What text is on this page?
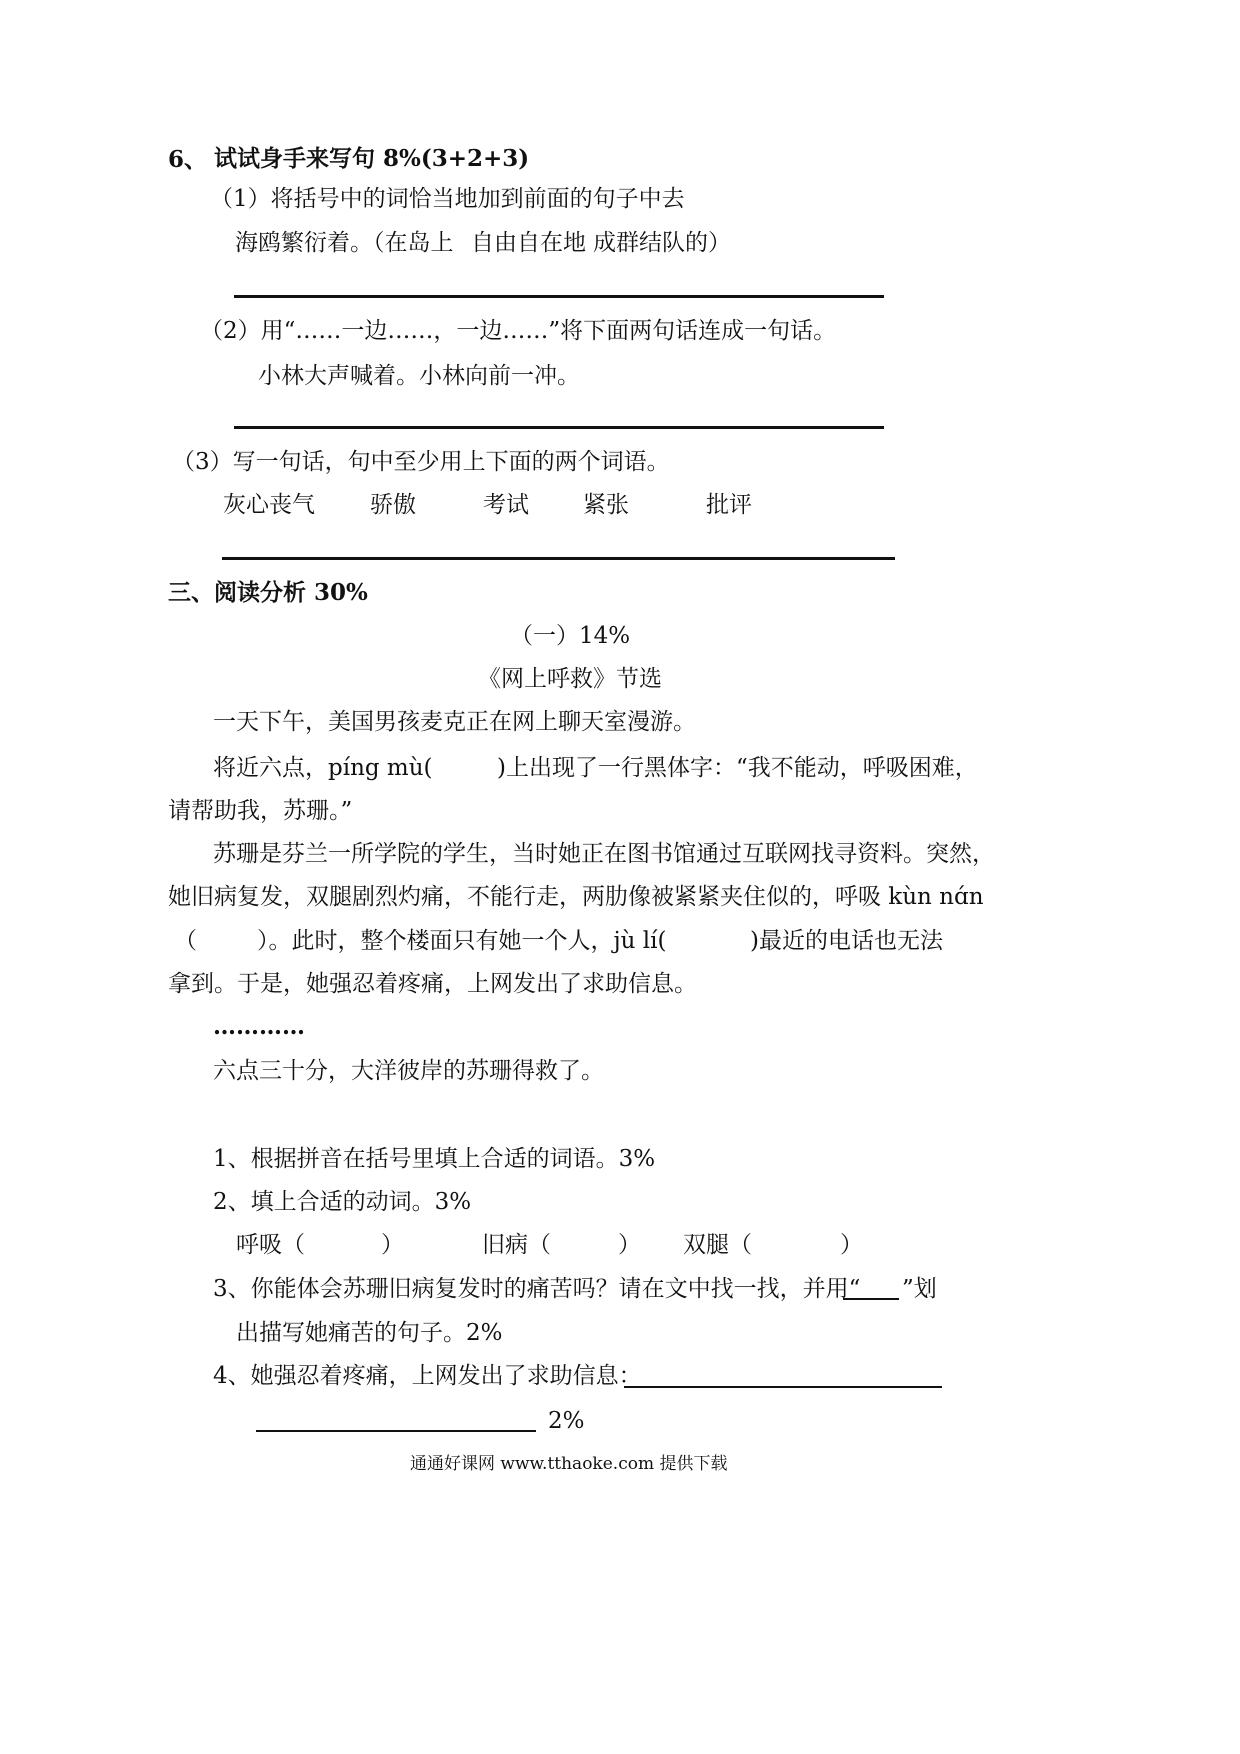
6、 试试身手来写句 8%(3+2+3)
（1）将括号中的词恰当地加到前面的句子中去
海鸥繁衍着。（在岛上 自由自在地 成群结队的 ）
（2）用“……一边……，一边……”将下面两句话连成一句话。
小林大声喊着。小林向前一冲。
（3）写一句话，句中至少用上下面的两个词语。
灰心丧气 骄傲	考试 紧张	批评
三、阅读分析 30%
（一）14%
《网上呼救》节选
一天下午，美国男孩麦克正在网上聊天室漫游。
将近六点，píng mù(	)上出现了一行黑体字：“我不能动，呼吸困难，
请帮助我，苏珊。”
苏珊是芬兰一所学院的学生，当时她正在图书馆通过互联网找寻资料。突然，
她旧病复发，双腿剧烈灼痛，不能行走，两肋像被紧紧夹住似的，呼吸 kùn nɑ́n
（	）。此时，整个楼面只有她一个人，jù lí(	)最近的电话也无法
拿到。于是，她强忍着疼痛，上网发出了求助信息。
…………
六点三十分，大洋彼岸的苏珊得救了。
1、根据拼音在括号里填上合适的词语。3%
2、填上合适的动词。3%
呼吸（	）	旧病（	） 双腿（	）
3、你能体会苏珊旧病复发时的痛苦吗？请在文中找一找，并用“ ”划
出描写她痛苦的句子。2%
4、她强忍着疼痛，上网发出了求助信息：
2%
通通好课网 www.tthaoke.com 提供下载
